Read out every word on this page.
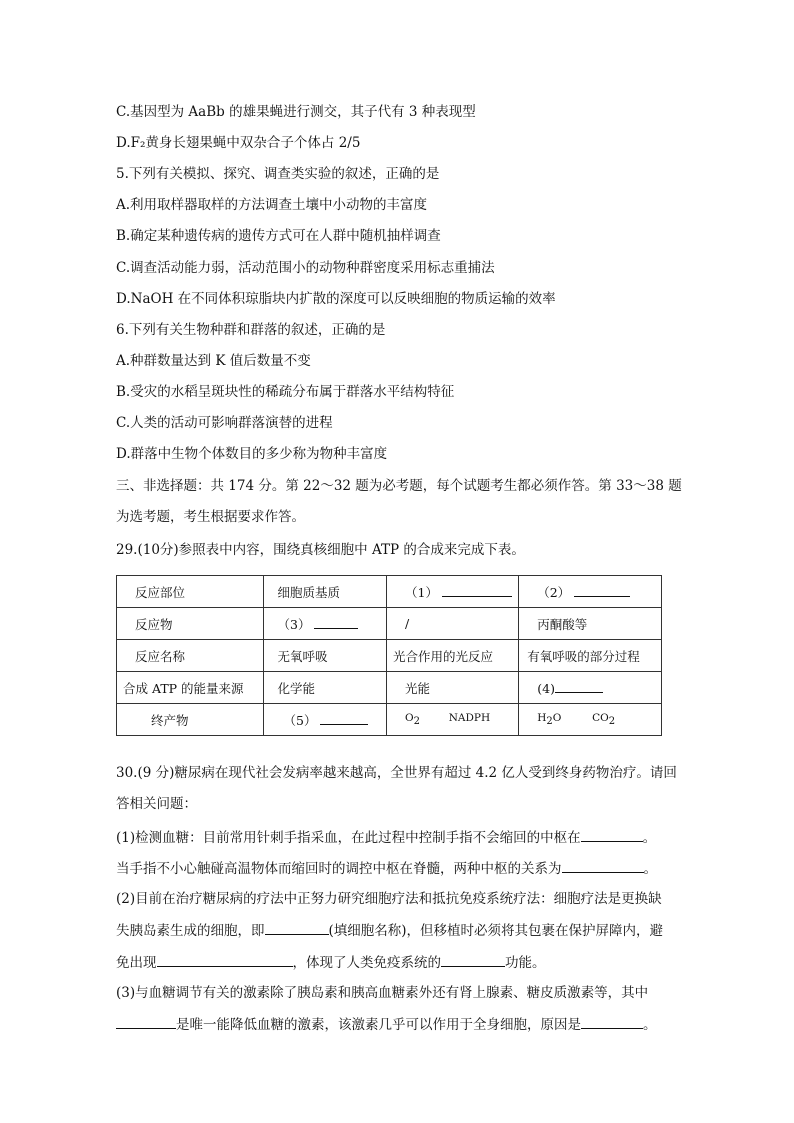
C.基因型为 AaBb 的雄果蝇进行测交，其子代有 3 种表现型
D.F₂黄身长翅果蝇中双杂合子个体占 2/5
5.下列有关模拟、探究、调查类实验的叙述，正确的是
A.利用取样器取样的方法调查土壤中小动物的丰富度
B.确定某种遗传病的遗传方式可在人群中随机抽样调查
C.调查活动能力弱，活动范围小的动物种群密度采用标志重捕法
D.NaOH 在不同体积琼脂块内扩散的深度可以反映细胞的物质运输的效率
6.下列有关生物种群和群落的叙述，正确的是
A.种群数量达到 K 值后数量不变
B.受灾的水稻呈斑块性的稀疏分布属于群落水平结构特征
C.人类的活动可影响群落演替的进程
D.群落中生物个体数目的多少称为物种丰富度
三、非选择题：共 174 分。第 22～32 题为必考题，每个试题考生都必须作答。第 33～38 题
为选考题，考生根据要求作答。
29.(10分)参照表中内容，围绕真核细胞中 ATP 的合成来完成下表。
反应部位	细胞质基质	（1）	（2）
反应物	（3）	/	丙酮酸等
反应名称	无氧呼吸	光合作用的光反应	有氧呼吸的部分过程
合成 ATP 的能量来源	化学能	光能	(4)
终产物	（5）	$O_2$ NADPH	$H_2O$ $CO_2$
30.(9 分)糖尿病在现代社会发病率越来越高，全世界有超过 4.2 亿人受到终身药物治疗。请回
答相关问题：
(1)检测血糖：目前常用针刺手指采血，在此过程中控制手指不会缩回的中枢在	。
当手指不小心触碰高温物体而缩回时的调控中枢在脊髓，两种中枢的关系为	。
(2)目前在治疗糖尿病的疗法中正努力研究细胞疗法和抵抗免疫系统疗法：细胞疗法是更换缺
失胰岛素生成的细胞，即	(填细胞名称)，但移植时必须将其包裹在保护屏障内，避
免出现	，体现了人类免疫系统的	功能。
(3)与血糖调节有关的激素除了胰岛素和胰高血糖素外还有肾上腺素、糖皮质激素等，其中
是唯一能降低血糖的激素，该激素几乎可以作用于全身细胞，原因是	。
